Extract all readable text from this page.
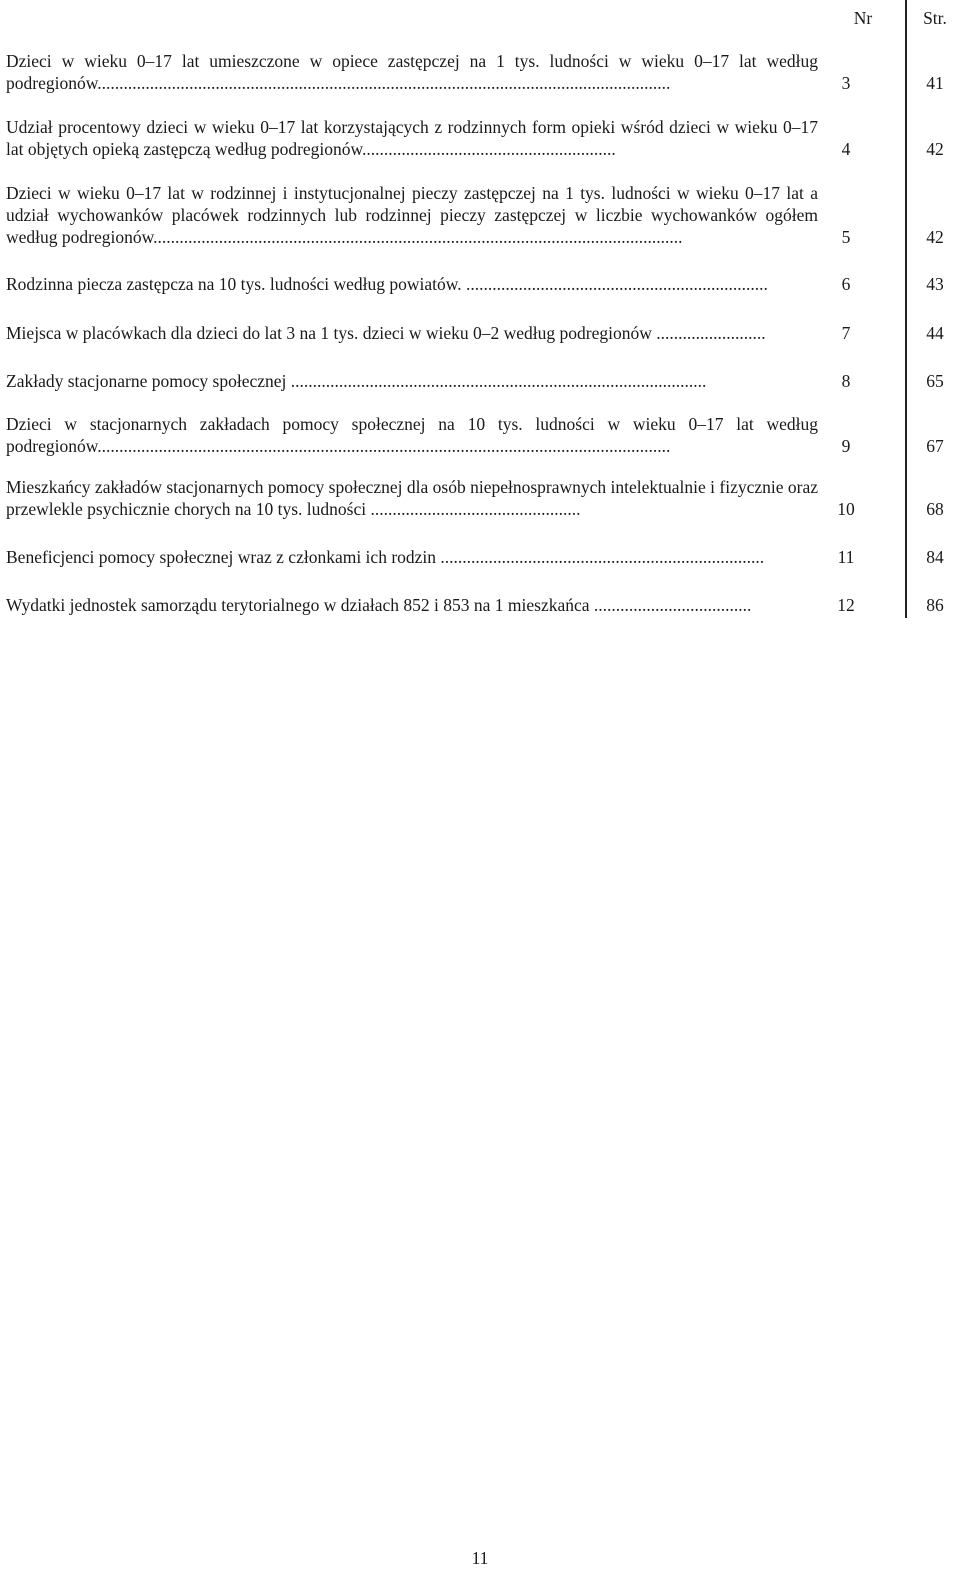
Nr	Str.
Dzieci w wieku 0–17 lat umieszczone w opiece zastępczej na 1 tys. ludności w wieku 0–17 lat według podregionów...................................................................................................................................	3	41
Udział procentowy dzieci w wieku 0–17 lat korzystających z rodzinnych form opieki wśród dzieci w wieku 0–17 lat objętych opieką zastępczą według podregionów..........................................................	4	42
Dzieci w wieku 0–17 lat w rodzinnej i instytucjonalnej pieczy zastępczej na 1 tys. ludności w wieku 0–17 lat a udział wychowanków placówek rodzinnych lub rodzinnej pieczy zastępczej w liczbie wychowanków ogółem według podregionów.........................................................................................................................	5	42
Rodzinna piecza zastępcza na 10 tys. ludności według powiatów. .....................................................................	6	43
Miejsca w placówkach dla dzieci do lat 3 na 1 tys. dzieci w wieku 0–2 według podregionów .........................	7	44
Zakłady stacjonarne pomocy społecznej ...............................................................................................	8	65
Dzieci w stacjonarnych zakładach pomocy społecznej na 10 tys. ludności w wieku 0–17 lat według podregionów...................................................................................................................................	9	67
Mieszkańcy zakładów stacjonarnych pomocy społecznej dla osób niepełnosprawnych intelektualnie i fizycznie oraz przewlekle psychicznie chorych na 10 tys. ludności ................................................	10	68
Beneficjenci pomocy społecznej wraz z członkami ich rodzin ..........................................................................	11	84
Wydatki jednostek samorządu terytorialnego w działach 852 i 853 na 1 mieszkańca ....................................	12	86
11
